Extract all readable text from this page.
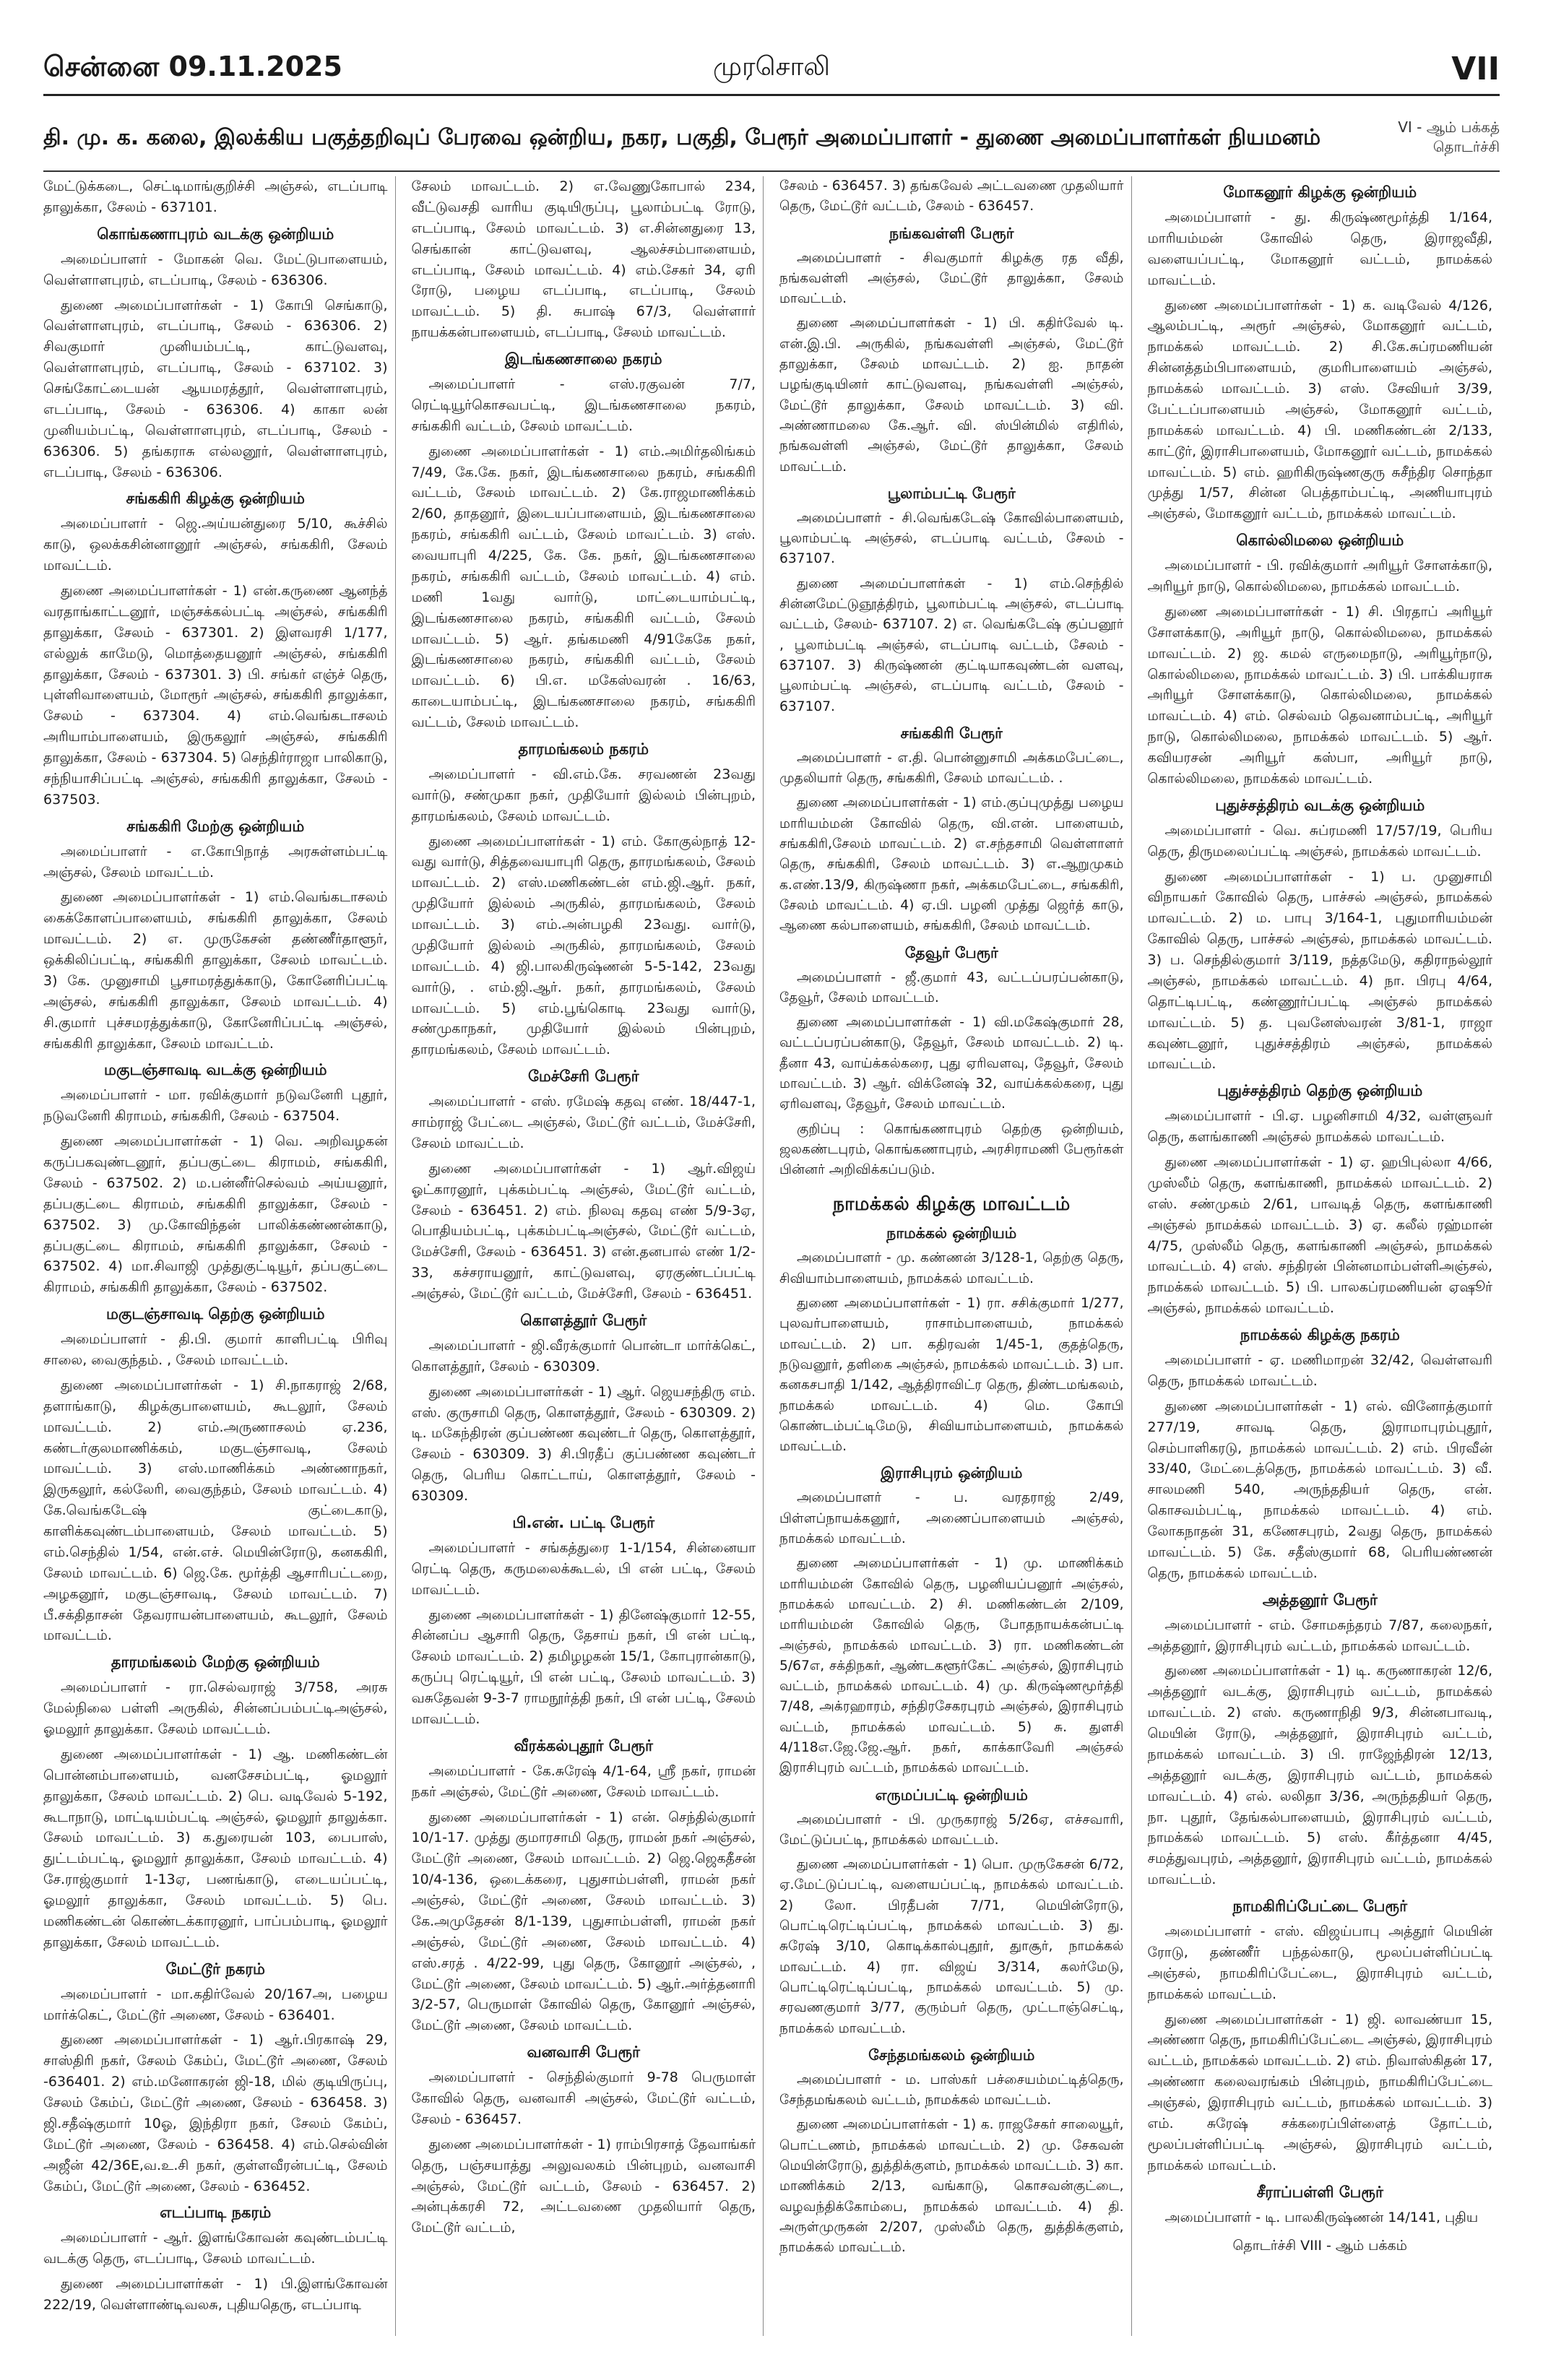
சென்னை 09.11.2025	முரசொலி	VII
தி. மு. க. கலை, இலக்கிய பகுத்தறிவுப் பேரவை ஒன்றிய, நகர, பகுதி, பேரூர் அமைப்பாளர் - துணை அமைப்பாளர்கள் நியமனம்	VI - ஆம் பக்கத் தொடர்ச்சி

மேட்டுக்கடை, செட்டிமாங்குறிச்சி அஞ்சல், எடப்பாடி தாலுக்கா, சேலம் - 637101.

கொங்கணாபுரம் வடக்கு ஒன்றியம்

அமைப்பாளர் - மோகன் வெ. மேட்டுபாளையம், வெள்ளாளபுரம், எடப்பாடி, சேலம் - 636306.

துணை அமைப்பாளர்கள் - 1) கோபி செங்காடு, வெள்ளாளபுரம், எடப்பாடி, சேலம் - 636306. 2) சிவகுமார் முனியம்பட்டி, காட்டுவளவு, வெள்ளாளபுரம், எடப்பாடி, சேலம் - 637102. 3) செங்கோட்டையன் ஆயமரத்தூர், வெள்ளாளபுரம், எடப்பாடி, சேலம் - 636306. 4) காகா லன் முனியம்பட்டி, வெள்ளாளபுரம், எடப்பாடி, சேலம் - 636306. 5) தங்கராசு எல்லனூர், வெள்ளாளபுரம், எடப்பாடி, சேலம் - 636306.

சங்ககிரி கிழக்கு ஒன்றியம்

அமைப்பாளர் - ஜெ.அய்யன்துரை 5/10, கூச்சில் காடு, ஒலக்கசின்னானூர் அஞ்சல், சங்ககிரி, சேலம் மாவட்டம்.

துணை அமைப்பாளர்கள் - 1) என்.கருணை ஆனந்த் வரதாங்காட்டனூர், மஞ்சக்கல்பட்டி அஞ்சல், சங்ககிரி தாலுக்கா, சேலம் - 637301. 2) இளவரசி 1/177, எல்லுக் காமேடு, மொத்தையனூர் அஞ்சல், சங்ககிரி தாலுக்கா, சேலம் - 637301. 3) பி. சங்கர் எஞ்ச் தெரு, புள்ளிவாளையம், மோரூர் அஞ்சல், சங்ககிரி தாலுக்கா, சேலம் - 637304. 4) எம்.வெங்கடாசலம் அரியாம்பாளையம், இருகலூர் அஞ்சல், சங்ககிரி தாலுக்கா, சேலம் - 637304. 5) செந்திர்ராஜா பாலிகாடு, சந்நியாசிப்பட்டி அஞ்சல், சங்ககிரி தாலுக்கா, சேலம் - 637503.

சங்ககிரி மேற்கு ஒன்றியம்

அமைப்பாளர் - எ.கோபிநாத் அரசுள்ளம்பட்டி அஞ்சல், சேலம் மாவட்டம்.

துணை அமைப்பாளர்கள் - 1) எம்.வெங்கடாசலம் கைக்கோளப்பாளையம், சங்ககிரி தாலுக்கா, சேலம் மாவட்டம். 2) எ. முருகேசன் தண்ணீர்தாளூர், ஒக்கிலிப்பட்டி, சங்ககிரி தாலுக்கா, சேலம் மாவட்டம். 3) கே. முனுசாமி பூசாமரத்துக்காடு, கோனேரிப்பட்டி அஞ்சல், சங்ககிரி தாலுக்கா, சேலம் மாவட்டம். 4) சி.குமார் புச்சமரத்துக்காடு, கோனேரிப்பட்டி அஞ்சல், சங்ககிரி தாலுக்கா, சேலம் மாவட்டம்.

மகுடஞ்சாவடி வடக்கு ஒன்றியம்

அமைப்பாளர் - மா. ரவிக்குமார் நடுவனேரி புதூர், நடுவனேரி கிராமம், சங்ககிரி, சேலம் - 637504.

துணை அமைப்பாளர்கள் - 1) வெ. அறிவழகன் கருப்பகவுண்டனூர், தப்பகுட்டை கிராமம், சங்ககிரி, சேலம் - 637502. 2) ம.பன்னீர்செல்வம் அய்யனூர், தப்பகுட்டை கிராமம், சங்ககிரி தாலுக்கா, சேலம் - 637502. 3) மு.கோவிந்தன் பாலிக்கண்ணன்காடு, தப்பகுட்டை கிராமம், சங்ககிரி தாலுக்கா, சேலம் - 637502. 4) மா.சிவாஜி முத்துகுட்டியூர், தப்பகுட்டை கிராமம், சங்ககிரி தாலுக்கா, சேலம் - 637502.

மகுடஞ்சாவடி தெற்கு ஒன்றியம்

அமைப்பாளர் - தி.பி. குமார் காளிபட்டி பிரிவு சாலை, வைகுந்தம். , சேலம் மாவட்டம்.

துணை அமைப்பாளர்கள் - 1) சி.நாகராஜ் 2/68, தளாங்காடு, கிழக்குபாளையம், கூடலூர், சேலம் மாவட்டம். 2) எம்.அருணாசலம் ஏ.236, கண்டர்குலமாணிக்கம், மகுடஞ்சாவடி, சேலம் மாவட்டம். 3) எஸ்.மாணிக்கம் அண்ணாநகர், இருகலூர், கல்லேரி, வைகுந்தம், சேலம் மாவட்டம். 4) கே.வெங்கடேஷ் குட்டைகாடு, காளிக்கவுண்டம்பாளையம், சேலம் மாவட்டம். 5) எம்.செந்தில் 1/54, என்.எச். மெயின்ரோடு, கனககிரி, சேலம் மாவட்டம். 6) ஜெ.கே. மூர்த்தி ஆசாரிபட்டறை, அழகனூர், மகுடஞ்சாவடி, சேலம் மாவட்டம். 7) பீ.சக்திதாசன் தேவராயன்பாளையம், கூடலூர், சேலம் மாவட்டம்.

தாரமங்கலம் மேற்கு ஒன்றியம்

அமைப்பாளர் - ரா.செல்வராஜ் 3/758, அரசு மேல்நிலை பள்ளி அருகில், சின்னப்பம்பட்டிஅஞ்சல், ஓமலூர் தாலுக்கா. சேலம் மாவட்டம்.

துணை அமைப்பாளர்கள் - 1) ஆ. மணிகண்டன் பொன்னம்பாளையம், வனசேசம்பட்டி, ஓமலூர் தாலுக்கா, சேலம் மாவட்டம். 2) பெ. வடிவேல் 5-192, கூடாநாடு, மாட்டியம்பட்டி அஞ்சல், ஓமலூர் தாலுக்கா. சேலம் மாவட்டம். 3) க.துரையன் 103, பைபாஸ், துட்டம்பட்டி, ஓமலூர் தாலுக்கா, சேலம் மாவட்டம். 4) சே.ராஜ்குமார் 1-13ஏ, பணங்காடு, எடையப்பட்டி, ஓமலூர் தாலுக்கா, சேலம் மாவட்டம். 5) பெ. மணிகண்டன் கொண்டக்காரனூர், பாப்பம்பாடி, ஓமலூர் தாலுக்கா, சேலம் மாவட்டம்.

மேட்டூர் நகரம்

அமைப்பாளர் - மா.கதிர்வேல் 20/167அ, பழைய மார்க்கெட், மேட்டூர் அணை, சேலம் - 636401.

துணை அமைப்பாளர்கள் - 1) ஆர்.பிரகாஷ் 29, சாஸ்திரி நகர், சேலம் கேம்ப், மேட்டூர் அணை, சேலம் -636401. 2) எம்.மனோகரன் ஜி-18, மில் குடியிருப்பு, சேலம் கேம்ப், மேட்டூர் அணை, சேலம் - 636458. 3) ஜி.சதீஷ்குமார் 10ஓ, இந்திரா நகர், சேலம் கேம்ப், மேட்டூர் அணை, சேலம் - 636458. 4) எம்.செல்வின் அஜீன் 42/36E,வ.உ.சி நகர், குள்ளவீரன்பட்டி, சேலம் கேம்ப், மேட்டூர் அணை, சேலம் - 636452.

எடப்பாடி நகரம்

அமைப்பாளர் - ஆர். இளங்கோவன் கவுண்டம்பட்டி வடக்கு தெரு, எடப்பாடி, சேலம் மாவட்டம்.

துணை அமைப்பாளர்கள் - 1) பி.இளங்கோவன் 222/19, வெள்ளாண்டிவலசு, புதியதெரு, எடப்பாடி

சேலம் மாவட்டம். 2) எ.வேணுகோபால் 234, வீட்டுவசதி வாரிய குடியிருப்பு, பூலாம்பட்டி ரோடு, எடப்பாடி, சேலம் மாவட்டம். 3) எ.சின்னதுரை 13, செங்கான் காட்டுவளவு, ஆலச்சம்பாளையம், எடப்பாடி, சேலம் மாவட்டம். 4) எம்.சேகர் 34, ஏரி ரோடு, பழைய எடப்பாடி, எடப்பாடி, சேலம் மாவட்டம். 5) தி. சுபாஷ் 67/3, வெள்ளார் நாயக்கன்பாளையம், எடப்பாடி, சேலம் மாவட்டம்.

இடங்கணசாலை நகரம்

அமைப்பாளர் - எஸ்.ரகுவன் 7/7, ரெட்டியூர்கொசவபட்டி, இடங்கணசாலை நகரம், சங்ககிரி வட்டம், சேலம் மாவட்டம்.

துணை அமைப்பாளர்கள் - 1) எம்.அமிர்தலிங்கம் 7/49, கே.கே. நகர், இடங்கணசாலை நகரம், சங்ககிரி வட்டம், சேலம் மாவட்டம். 2) கே.ராஜமாணிக்கம் 2/60, தாதனூர், இடையப்பாளையம், இடங்கணசாலை நகரம், சங்ககிரி வட்டம், சேலம் மாவட்டம். 3) எஸ். வையாபுரி 4/225, கே. கே. நகர், இடங்கணசாலை நகரம், சங்ககிரி வட்டம், சேலம் மாவட்டம். 4) எம். மணி 1வது வார்டு, மாட்டையாம்பட்டி, இடங்கணசாலை நகரம், சங்ககிரி வட்டம், சேலம் மாவட்டம். 5) ஆர். தங்கமணி 4/91கேகே நகர், இடங்கணசாலை நகரம், சங்ககிரி வட்டம், சேலம் மாவட்டம். 6) பி.எ. மகேஸ்வரன் . 16/63, காடையாம்பட்டி, இடங்கணசாலை நகரம், சங்ககிரி வட்டம், சேலம் மாவட்டம்.

தாரமங்கலம் நகரம்

அமைப்பாளர் - வி.எம்.கே. சரவணன் 23வது வார்டு, சண்முகா நகர், முதியோர் இல்லம் பின்புறம், தாரமங்கலம், சேலம் மாவட்டம்.

துணை அமைப்பாளர்கள் - 1) எம். கோகுல்நாத் 12-வது வார்டு, சித்தவையாபுரி தெரு, தாரமங்கலம், சேலம் மாவட்டம். 2) எஸ்.மணிகண்டன் எம்.ஜி.ஆர். நகர், முதியோர் இல்லம் அருகில், தாரமங்கலம், சேலம் மாவட்டம். 3) எம்.அன்பழகி 23வது. வார்டு, முதியோர் இல்லம் அருகில், தாரமங்கலம், சேலம் மாவட்டம். 4) ஜி.பாலகிருஷ்ணன் 5-5-142, 23வது வார்டு, . எம்.ஜி.ஆர். நகர், தாரமங்கலம், சேலம் மாவட்டம். 5) எம்.பூங்கொடி 23வது வார்டு, சண்முகாநகர், முதியோர் இல்லம் பின்புறம், தாரமங்கலம், சேலம் மாவட்டம்.

மேச்சேரி பேரூர்

அமைப்பாளர் - எஸ். ரமேஷ் கதவு எண். 18/447-1, சாம்ராஜ் பேட்டை அஞ்சல், மேட்டூர் வட்டம், மேச்சேரி, சேலம் மாவட்டம்.

துணை அமைப்பாளர்கள் - 1) ஆர்.விஜய் ஓட்காரனூர், புக்கம்பட்டி அஞ்சல், மேட்டூர் வட்டம், சேலம் - 636451. 2) எம். நிலவு கதவு எண் 5/9-3ஏ, பொதியம்பட்டி, புக்கம்பட்டிஅஞ்சல், மேட்டூர் வட்டம், மேச்சேரி, சேலம் - 636451. 3) என்.தனபால் எண் 1/2-33, கச்சராயனூர், காட்டுவளவு, ஏரகுண்டப்பட்டி அஞ்சல், மேட்டூர் வட்டம், மேச்சேரி, சேலம் - 636451.

கொளத்தூர் பேரூர்

அமைப்பாளர் - ஜி.வீரக்குமார் பொன்டா மார்க்கெட், கொளத்தூர், சேலம் - 630309.

துணை அமைப்பாளர்கள் - 1) ஆர். ஜெயசந்திரு எம். எஸ். குருசாமி தெரு, கொளத்தூர், சேலம் - 630309. 2) டி. மகேந்திரன் குப்பண்ண கவுண்டர் தெரு, கொளத்தூர், சேலம் - 630309. 3) சி.பிரதீப் குப்பண்ண கவுண்டர் தெரு, பெரிய கொட்டாய், கொளத்தூர், சேலம் - 630309.

பி.என். பட்டி பேரூர்

அமைப்பாளர் - சங்கத்துரை 1-1/154, சின்னையா ரெட்டி தெரு, கருமலைக்கூடல், பி என் பட்டி, சேலம் மாவட்டம்.

துணை அமைப்பாளர்கள் - 1) தினேஷ்குமார் 12-55, சின்னப்ப ஆசாரி தெரு, தேசாய் நகர், பி என் பட்டி, சேலம் மாவட்டம். 2) தமிழழகன் 15/1, கோபுரான்காடு, கருப்பு ரெட்டியூர், பி என் பட்டி, சேலம் மாவட்டம். 3) வசுதேவன் 9-3-7 ராமநூர்த்தி நகர், பி என் பட்டி, சேலம் மாவட்டம்.

வீரக்கல்புதூர் பேரூர்

அமைப்பாளர் - கே.சுரேஷ் 4/1-64, ஸ்ரீ நகர், ராமன் நகர் அஞ்சல், மேட்டூர் அணை, சேலம் மாவட்டம்.

துணை அமைப்பாளர்கள் - 1) என். செந்தில்குமார் 10/1-17. முத்து குமாரசாமி தெரு, ராமன் நகர் அஞ்சல், மேட்டூர் அணை, சேலம் மாவட்டம். 2) ஜெ.ஜெகதீசன் 10/4-136, ஒடைக்கரை, புதுசாம்பள்ளி, ராமன் நகர் அஞ்சல், மேட்டூர் அணை, சேலம் மாவட்டம். 3) கே.அமுதேசன் 8/1-139, புதுசாம்பள்ளி, ராமன் நகர் அஞ்சல், மேட்டூர் அணை, சேலம் மாவட்டம். 4) எஸ்.சரத் . 4/22-99, புது தெரு, கோனூர் அஞ்சல், , மேட்டூர் அணை, சேலம் மாவட்டம். 5) ஆர்.அர்த்தனாரி 3/2-57, பெருமாள் கோவில் தெரு, கோனூர் அஞ்சல், மேட்டூர் அணை, சேலம் மாவட்டம்.

வனவாசி பேரூர்

அமைப்பாளர் - செந்தில்குமார் 9-78 பெருமாள் கோவில் தெரு, வனவாசி அஞ்சல், மேட்டூர் வட்டம், சேலம் - 636457.

துணை அமைப்பாளர்கள் - 1) ராம்பிரசாத் தேவாங்கர் தெரு, பஞ்சயாத்து அலுவலகம் பின்புறம், வனவாசி அஞ்சல், மேட்டூர் வட்டம், சேலம் - 636457. 2) அன்புக்கரசி 72, அட்டவணை முதலியார் தெரு, மேட்டூர் வட்டம்,

சேலம் - 636457. 3) தங்கவேல் அட்டவணை முதலியார் தெரு, மேட்டூர் வட்டம், சேலம் - 636457.

நங்கவள்ளி பேரூர்

அமைப்பாளர் - சிவகுமார் கிழக்கு ரத வீதி, நங்கவள்ளி அஞ்சல், மேட்டூர் தாலுக்கா, சேலம் மாவட்டம்.

துணை அமைப்பாளர்கள் - 1) பி. கதிர்வேல் டி. என்.இ.பி. அருகில், நங்கவள்ளி அஞ்சல், மேட்டூர் தாலுக்கா, சேலம் மாவட்டம். 2) ஐ. நாதன் பழங்குடியினர் காட்டுவளவு, நங்கவள்ளி அஞ்சல், மேட்டூர் தாலுக்கா, சேலம் மாவட்டம். 3) வி. அண்ணாமலை கே.ஆர். வி. ஸ்பின்மில் எதிரில், நங்கவள்ளி அஞ்சல், மேட்டூர் தாலுக்கா, சேலம் மாவட்டம்.

பூலாம்பட்டி பேரூர்

அமைப்பாளர் - சி.வெங்கடேஷ் கோவில்பாளையம், பூலாம்பட்டி அஞ்சல், எடப்பாடி வட்டம், சேலம் - 637107.

துணை அமைப்பாளர்கள் - 1) எம்.செந்தில் சின்னமேட்டுஞூத்திரம், பூலாம்பட்டி அஞ்சல், எடப்பாடி வட்டம், சேலம்- 637107. 2) எ. வெங்கடேஷ் குப்பனூர் , பூலாம்பட்டி அஞ்சல், எடப்பாடி வட்டம், சேலம் - 637107. 3) கிருஷ்ணன் குட்டியாகவுண்டன் வளவு, பூலாம்பட்டி அஞ்சல், எடப்பாடி வட்டம், சேலம் - 637107.

சங்ககிரி பேரூர்

அமைப்பாளர் - எ.தி. பொன்னுசாமி அக்கமபேட்டை, முதலியார் தெரு, சங்ககிரி, சேலம் மாவட்டம். .

துணை அமைப்பாளர்கள் - 1) எம்.குப்புமுத்து பழைய மாரியம்மன் கோவில் தெரு, வி.என். பாளையம், சங்ககிரி,சேலம் மாவட்டம். 2) எ.சந்தசாமி வெள்ளாளர் தெரு, சங்ககிரி, சேலம் மாவட்டம். 3) எ.ஆறுமுகம் க.எண்.13/9, கிருஷ்ணா நகர், அக்கமபேட்டை, சங்ககிரி, சேலம் மாவட்டம். 4) ஏ.பி. பழனி முத்து ஜெர்த் காடு, ஆணை கல்பாளையம், சங்ககிரி, சேலம் மாவட்டம்.

தேவூர் பேரூர்

அமைப்பாளர் - ஜீ.குமார் 43, வட்டப்பரப்பன்காடு, தேவூர், சேலம் மாவட்டம்.

துணை அமைப்பாளர்கள் - 1) வி.மகேஷ்குமார் 28, வட்டப்பரப்பன்காடு, தேவூர், சேலம் மாவட்டம். 2) டி. தீனா 43, வாய்க்கல்கரை, புது ஏரிவளவு, தேவூர், சேலம் மாவட்டம். 3) ஆர். விக்னேஷ் 32, வாய்க்கல்கரை, புது ஏரிவளவு, தேவூர், சேலம் மாவட்டம்.

குறிப்பு : கொங்கணாபுரம் தெற்கு ஒன்றியம், ஜலகண்டபுரம், கொங்கணாபுரம், அரசிராமணி பேரூர்கள் பின்னர் அறிவிக்கப்படும்.

நாமக்கல் கிழக்கு மாவட்டம்
நாமக்கல் ஒன்றியம்

அமைப்பாளர் - மு. கண்ணன் 3/128-1, தெற்கு தெரு, சிவியாம்பாளையம், நாமக்கல் மாவட்டம்.

துணை அமைப்பாளர்கள் - 1) ரா. சசிக்குமார் 1/277, புலவர்பாளையம், ராசாம்பாளையம், நாமக்கல் மாவட்டம். 2) பா. கதிரவன் 1/45-1, குதத்தெரு, நடுவனூர், தளிகை அஞ்சல், நாமக்கல் மாவட்டம். 3) பா. கனகசபாதி 1/142, ஆத்திராவிட்ர தெரு, திண்டமங்கலம், நாமக்கல் மாவட்டம். 4) மெ. கோபி கொண்டம்பட்டிமேடு, சிவியாம்பாளையம், நாமக்கல் மாவட்டம்.

இராசிபுரம் ஒன்றியம்

அமைப்பாளர் - ப. வரதராஜ் 2/49, பிள்ளப்நாயக்கனூர், அணைப்பாளையம் அஞ்சல், நாமக்கல் மாவட்டம்.

துணை அமைப்பாளர்கள் - 1) மு. மாணிக்கம் மாரியம்மன் கோவில் தெரு, பழனியப்பனூர் அஞ்சல், நாமக்கல் மாவட்டம். 2) சி. மணிகண்டன் 2/109, மாரியம்மன் கோவில் தெரு, போதநாயக்கன்பட்டி அஞ்சல், நாமக்கல் மாவட்டம். 3) ரா. மணிகண்டன் 5/67எ, சக்திநகர், ஆண்டகளூர்கேட் அஞ்சல், இராசிபுரம் வட்டம், நாமக்கல் மாவட்டம். 4) மு. கிருஷ்ணமூர்த்தி 7/48, அக்ரஹாரம், சந்திரசேகரபுரம் அஞ்சல், இராசிபுரம் வட்டம், நாமக்கல் மாவட்டம். 5) சு. துளசி 4/118எ.ஜே.ஜே.ஆர். நகர், காக்காவேரி அஞ்சல் இராசிபுரம் வட்டம், நாமக்கல் மாவட்டம்.

எருமப்பட்டி ஒன்றியம்

அமைப்பாளர் - பி. முருகராஜ் 5/26ஏ, எச்சவாரி, மேட்டுப்பட்டி, நாமக்கல் மாவட்டம்.

துணை அமைப்பாளர்கள் - 1) பொ. முருகேசன் 6/72, ஏ.மேட்டுப்பட்டி, வளையப்பட்டி, நாமக்கல் மாவட்டம். 2) லோ. பிரதீபன் 7/71, மெயின்ரோடு, பொட்டிரெட்டிப்பட்டி, நாமக்கல் மாவட்டம். 3) து. சுரேஷ் 3/10, கொடிக்கால்புதூர், துாசூர், நாமக்கல் மாவட்டம். 4) ரா. விஜய் 3/314, கலர்மேடு, பொட்டிரெட்டிப்பட்டி, நாமக்கல் மாவட்டம். 5) மு. சரவணகுமார் 3/77, குரும்பர் தெரு, முட்டாஞ்செட்டி, நாமக்கல் மாவட்டம்.

சேந்தமங்கலம் ஒன்றியம்

அமைப்பாளர் - ம. பாஸ்கர் பச்சையம்மட்டித்தெரு, சேந்தமங்கலம் வட்டம், நாமக்கல் மாவட்டம்.

துணை அமைப்பாளர்கள் - 1) க. ராஜசேகர் சாலையூர், பொட்டணம், நாமக்கல் மாவட்டம். 2) மு. சேகவன் மெயின்ரோடு, துத்திக்குளம், நாமக்கல் மாவட்டம். 3) கா. மாணிக்கம் 2/13, வங்காடு, கொசவன்குட்டை, வழவந்திக்கோம்பை, நாமக்கல் மாவட்டம். 4) தி. அருள்முருகன் 2/207, முஸ்லீம் தெரு, துத்திக்குளம், நாமக்கல் மாவட்டம்.

மோகனூர் கிழக்கு ஒன்றியம்

அமைப்பாளர் - து. கிருஷ்ணமூர்த்தி 1/164, மாரியம்மன் கோவில் தெரு, இராஜவீதி, வளையப்பட்டி, மோகனூர் வட்டம், நாமக்கல் மாவட்டம்.

துணை அமைப்பாளர்கள் - 1) க. வடிவேல் 4/126, ஆலம்பட்டி, அரூர் அஞ்சல், மோகனூர் வட்டம், நாமக்கல் மாவட்டம். 2) சி.கே.சுப்ரமணியன் சின்னத்தம்பிபாளையம், குமரிபாளையம் அஞ்சல், நாமக்கல் மாவட்டம். 3) எஸ். சேவியர் 3/39, பேட்டப்பாளையம் அஞ்சல், மோகனூர் வட்டம், நாமக்கல் மாவட்டம். 4) பி. மணிகண்டன் 2/133, காட்டூர், இராசிபாளையம், மோகனூர் வட்டம், நாமக்கல் மாவட்டம். 5) எம். ஹரிகிருஷ்ணகுரு சுசீந்திர சொந்தா முத்து 1/57, சின்ன பெத்தாம்பட்டி, அணியாபுரம் அஞ்சல், மோகனூர் வட்டம், நாமக்கல் மாவட்டம்.

கொல்லிமலை ஒன்றியம்

அமைப்பாளர் - பி. ரவிக்குமார் அரியூர் சோளக்காடு, அரியூர் நாடு, கொல்லிமலை, நாமக்கல் மாவட்டம்.

துணை அமைப்பாளர்கள் - 1) சி. பிரதாப் அரியூர் சோளக்காடு, அரியூர் நாடு, கொல்லிமலை, நாமக்கல் மாவட்டம். 2) ஜ. கமல் எருமைநாடு, அரியூர்நாடு, கொல்லிமலை, நாமக்கல் மாவட்டம். 3) பி. பாக்கியராசு அரியூர் சோளக்காடு, கொல்லிமலை, நாமக்கல் மாவட்டம். 4) எம். செல்வம் தெவனாம்பட்டி, அரியூர் நாடு, கொல்லிமலை, நாமக்கல் மாவட்டம். 5) ஆர். கவியரசன் அரியூர் கஸ்பா, அரியூர் நாடு, கொல்லிமலை, நாமக்கல் மாவட்டம்.

புதுச்சத்திரம் வடக்கு ஒன்றியம்

அமைப்பாளர் - வெ. சுப்ரமணி 17/57/19, பெரிய தெரு, திருமலைப்பட்டி அஞ்சல், நாமக்கல் மாவட்டம்.

துணை அமைப்பாளர்கள் - 1) ப. முனுசாமி விநாயகர் கோவில் தெரு, பாச்சல் அஞ்சல், நாமக்கல் மாவட்டம். 2) ம. பாபு 3/164-1, புதுமாரியம்மன் கோவில் தெரு, பாச்சல் அஞ்சல், நாமக்கல் மாவட்டம். 3) ப. செந்தில்குமார் 3/119, நத்தமேடு, கதிராநல்லூர் அஞ்சல், நாமக்கல் மாவட்டம். 4) நா. பிரபு 4/64, தொட்டிபட்டி, கண்ணூர்ப்பட்டி அஞ்சல் நாமக்கல் மாவட்டம். 5) த. புவனேஸ்வரன் 3/81-1, ராஜா கவுண்டனூர், புதுச்சத்திரம் அஞ்சல், நாமக்கல் மாவட்டம்.

புதுச்சத்திரம் தெற்கு ஒன்றியம்

அமைப்பாளர் - பி.ஏ. பழனிசாமி 4/32, வள்ளுவர் தெரு, களங்காணி அஞ்சல் நாமக்கல் மாவட்டம்.

துணை அமைப்பாளர்கள் - 1) ஏ. ஹபிபுல்லா 4/66, முஸ்லீம் தெரு, களங்காணி, நாமக்கல் மாவட்டம். 2) எஸ். சண்முகம் 2/61, பாவடித் தெரு, களங்காணி அஞ்சல் நாமக்கல் மாவட்டம். 3) ஏ. கலீல் ரஹ்மான் 4/75, முஸ்லீம் தெரு, களங்காணி அஞ்சல், நாமக்கல் மாவட்டம். 4) எஸ். சந்திரன் பின்னமாம்பள்ளிஅஞ்சல், நாமக்கல் மாவட்டம். 5) பி. பாலகப்ரமணியன் ஏஷூர் அஞ்சல், நாமக்கல் மாவட்டம்.

நாமக்கல் கிழக்கு நகரம்

அமைப்பாளர் - ஏ. மணிமாறன் 32/42, வெள்ளவரி தெரு, நாமக்கல் மாவட்டம்.

துணை அமைப்பாளர்கள் - 1) எல். வினோத்குமார் 277/19, சாவடி தெரு, இராமாபுரம்புதூர், செம்பாளிகரடு, நாமக்கல் மாவட்டம். 2) எம். பிரவீன் 33/40, மேட்டைத்தெரு, நாமக்கல் மாவட்டம். 3) வீ. சாலமணி 540, அருந்ததியர் தெரு, என். கொசவம்பட்டி, நாமக்கல் மாவட்டம். 4) எம். லோகநாதன் 31, கணேசபுரம், 2வது தெரு, நாமக்கல் மாவட்டம். 5) கே. சதீஸ்குமார் 68, பெரியண்ணன் தெரு, நாமக்கல் மாவட்டம்.

அத்தனூர் பேரூர்

அமைப்பாளர் - எம். சோமசுந்தரம் 7/87, கலைநகர், அத்தனூர், இராசிபுரம் வட்டம், நாமக்கல் மாவட்டம்.

துணை அமைப்பாளர்கள் - 1) டி. கருணாகரன் 12/6, அத்தனூர் வடக்கு, இராசிபுரம் வட்டம், நாமக்கல் மாவட்டம். 2) எஸ். கருணாநிதி 9/3, சின்னபாவடி, மெயின் ரோடு, அத்தனூர், இராசிபுரம் வட்டம், நாமக்கல் மாவட்டம். 3) பி. ராஜேந்திரன் 12/13, அத்தனூர் வடக்கு, இராசிபுரம் வட்டம், நாமக்கல் மாவட்டம். 4) எல். லலிதா 3/36, அருந்ததியர் தெரு, நா. புதூர், தேங்கல்பாளையம், இராசிபுரம் வட்டம், நாமக்கல் மாவட்டம். 5) எஸ். கீர்த்தனா 4/45, சமத்துவபுரம், அத்தனூர், இராசிபுரம் வட்டம், நாமக்கல் மாவட்டம்.

நாமகிரிப்பேட்டை பேரூர்

அமைப்பாளர் - எஸ். விஜய்பாபு அத்தூர் மெயின் ரோடு, தண்ணீர் பந்தல்காடு, மூலப்பள்ளிப்பட்டி அஞ்சல், நாமகிரிப்பேட்டை, இராசிபுரம் வட்டம், நாமக்கல் மாவட்டம்.

துணை அமைப்பாளர்கள் - 1) ஜி. லாவண்யா 15, அண்ணா தெரு, நாமகிரிப்பேட்டை அஞ்சல், இராசிபுரம் வட்டம், நாமக்கல் மாவட்டம். 2) எம். நிவாஸ்கிதன் 17, அண்ணா கலைவரங்கம் பின்புறம், நாமகிரிப்பேட்டை அஞ்சல், இராசிபுரம் வட்டம், நாமக்கல் மாவட்டம். 3) எம். சுரேஷ் சக்கரைப்பிள்ளைத் தோட்டம், மூலப்பள்ளிப்பட்டி அஞ்சல், இராசிபுரம் வட்டம், நாமக்கல் மாவட்டம்.

சீராப்பள்ளி பேரூர்

அமைப்பாளர் - டி. பாலகிருஷ்ணன் 14/141, புதிய

தொடர்ச்சி VIII - ஆம் பக்கம்
